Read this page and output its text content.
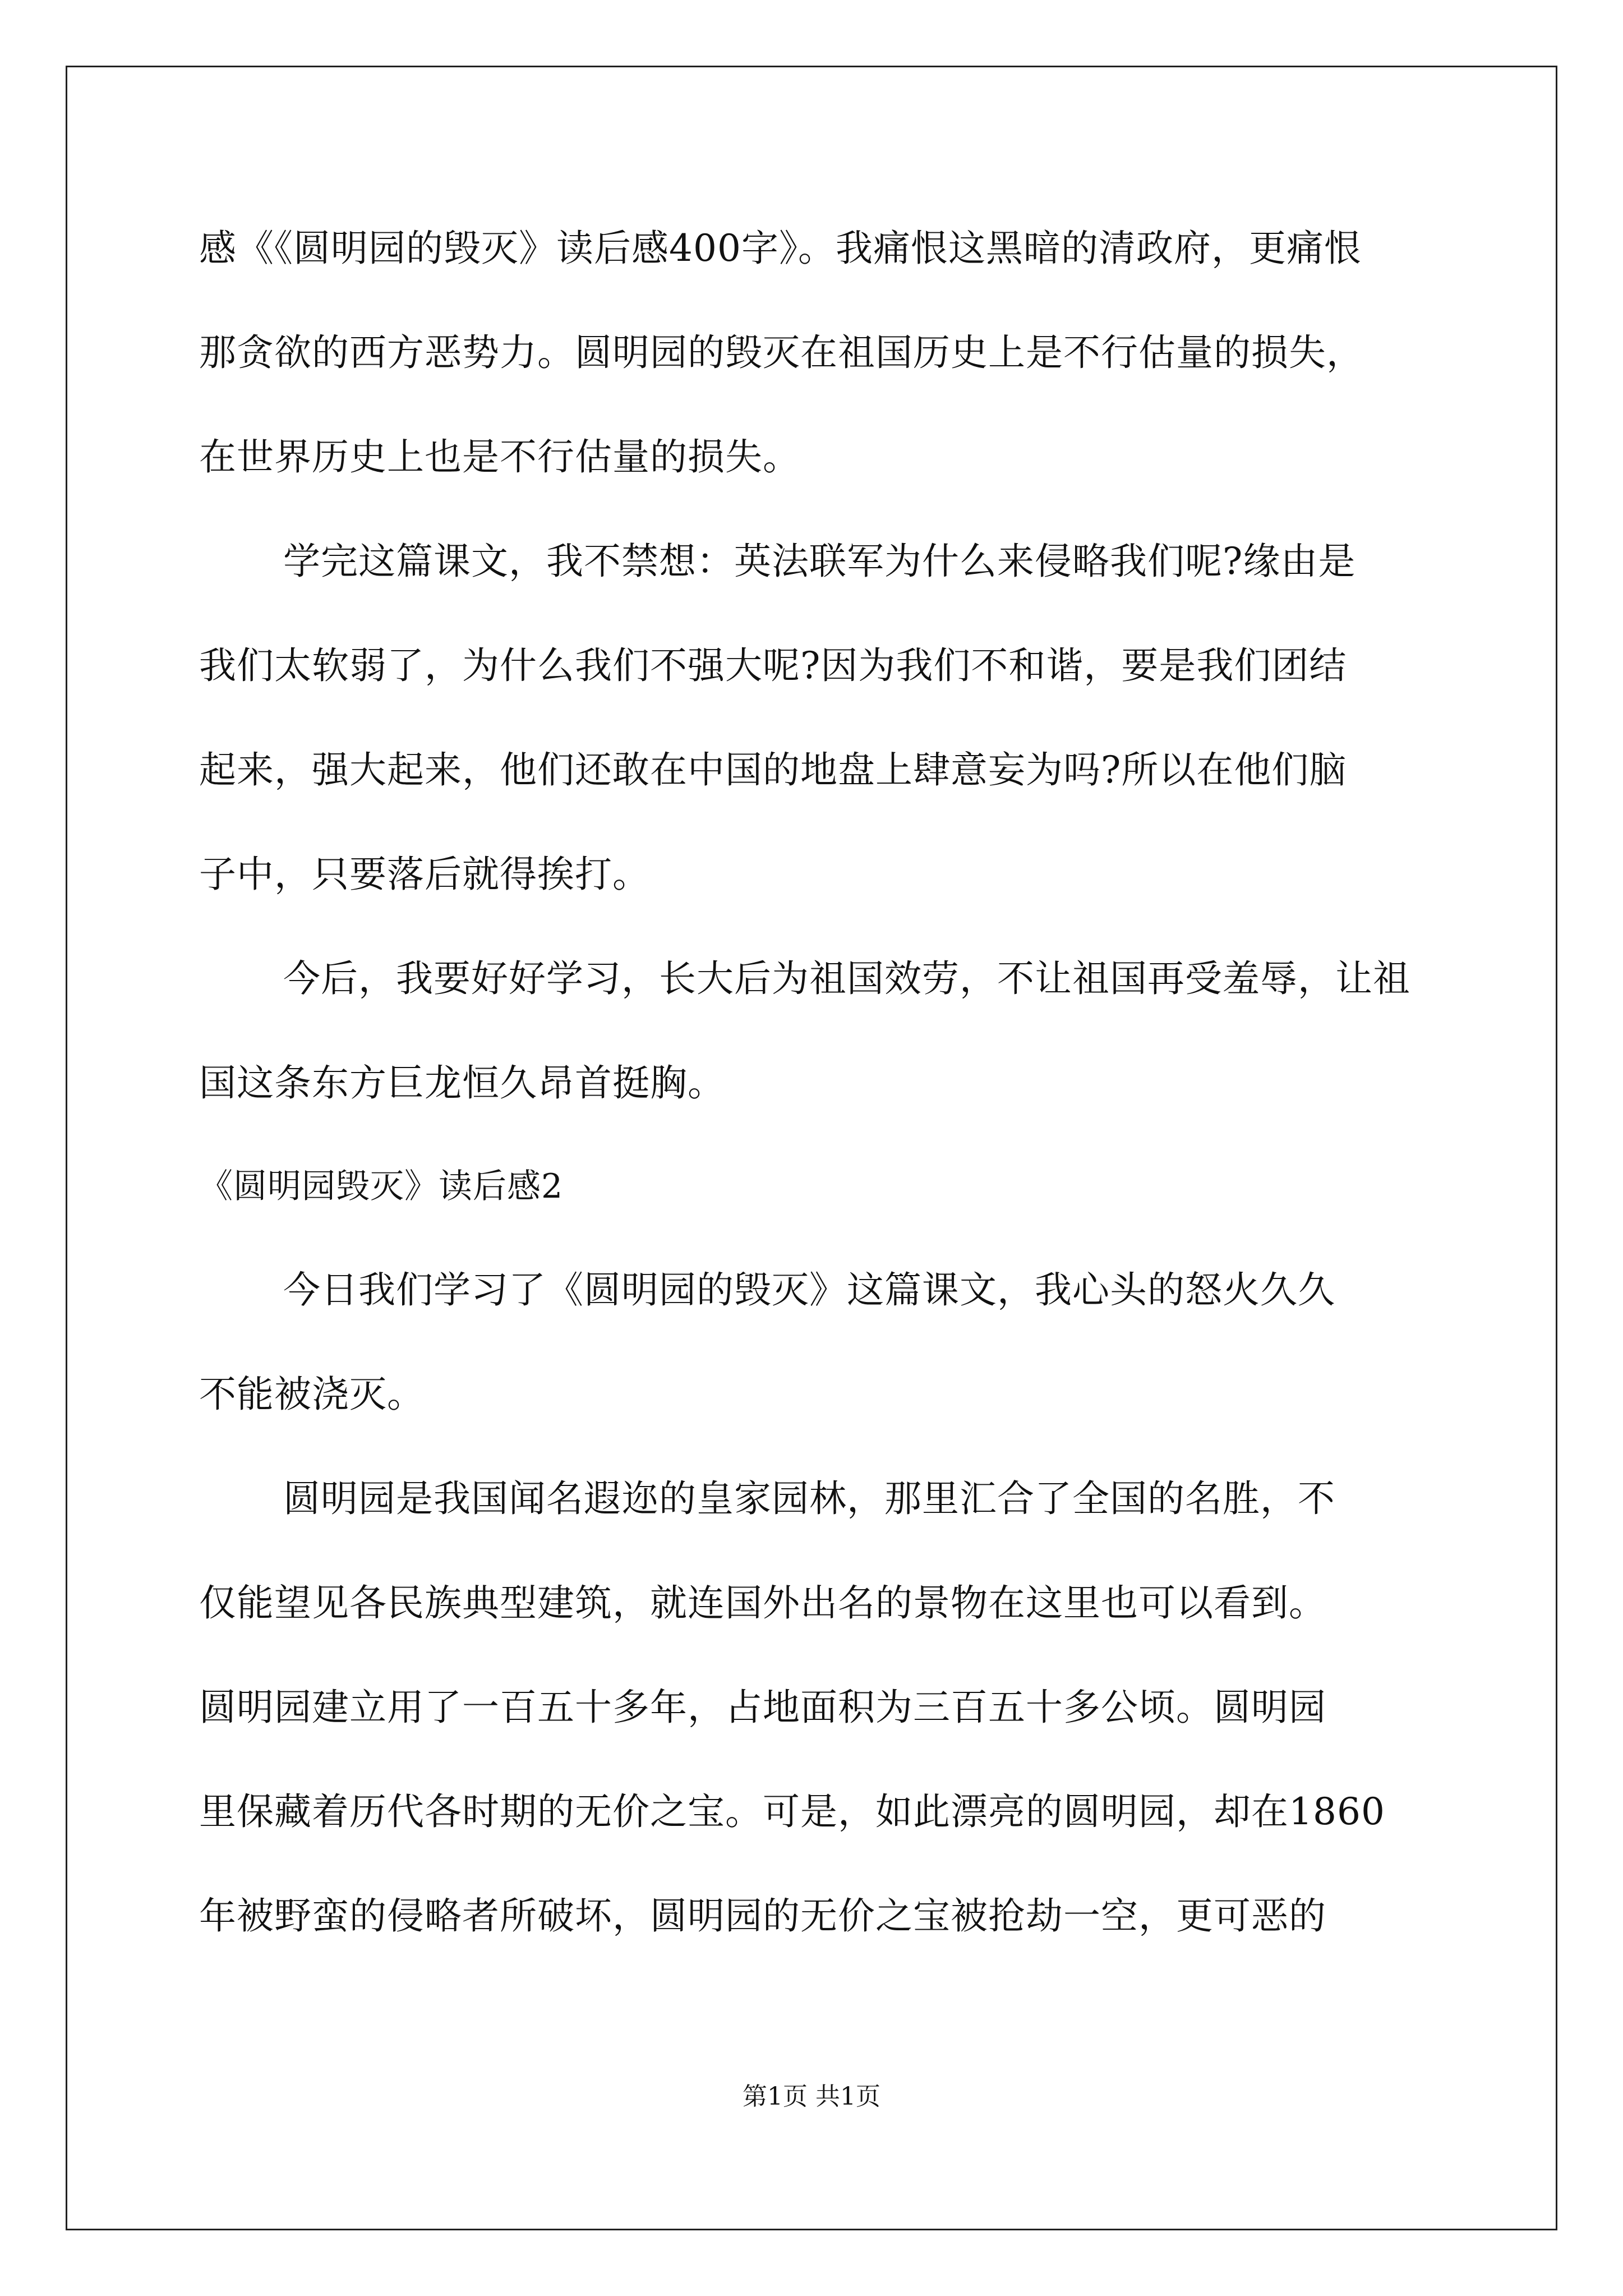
感《《圆明园的毁灭》读后感400字》。我痛恨这黑暗的清政府，更痛恨
那贪欲的西方恶势力。圆明园的毁灭在祖国历史上是不行估量的损失，
在世界历史上也是不行估量的损失。
学完这篇课文，我不禁想：英法联军为什么来侵略我们呢?缘由是
我们太软弱了，为什么我们不强大呢?因为我们不和谐，要是我们团结
起来，强大起来，他们还敢在中国的地盘上肆意妄为吗?所以在他们脑
子中，只要落后就得挨打。
今后，我要好好学习，长大后为祖国效劳，不让祖国再受羞辱，让祖
国这条东方巨龙恒久昂首挺胸。
《圆明园毁灭》读后感2
今日我们学习了《圆明园的毁灭》这篇课文，我心头的怒火久久
不能被浇灭。
圆明园是我国闻名遐迩的皇家园林，那里汇合了全国的名胜，不
仅能望见各民族典型建筑，就连国外出名的景物在这里也可以看到。
圆明园建立用了一百五十多年，占地面积为三百五十多公顷。圆明园
里保藏着历代各时期的无价之宝。可是，如此漂亮的圆明园，却在1860
年被野蛮的侵略者所破坏，圆明园的无价之宝被抢劫一空，更可恶的
第1页 共1页
